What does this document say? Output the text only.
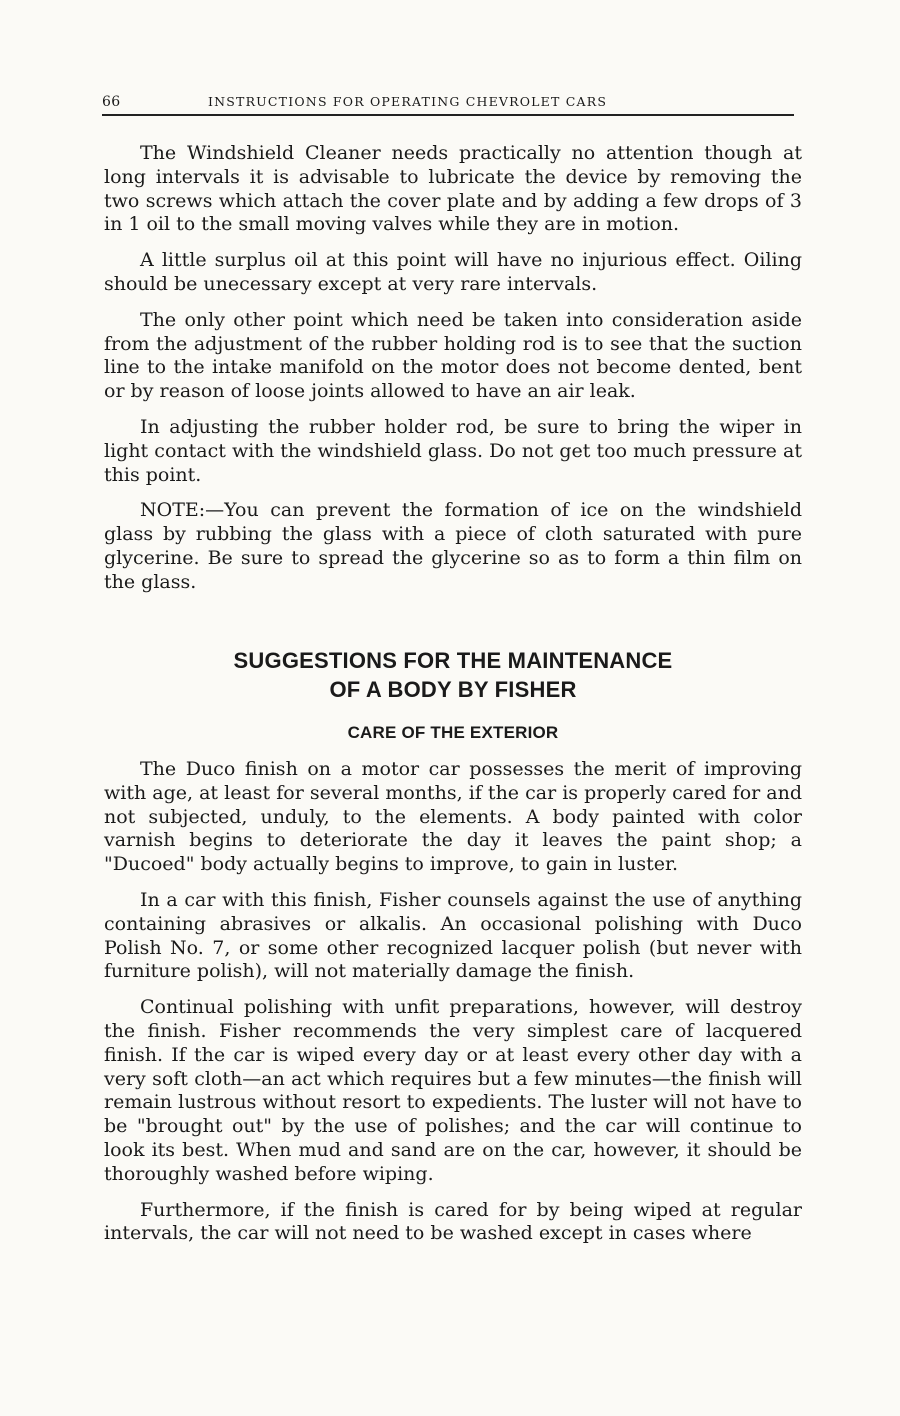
66	INSTRUCTIONS FOR OPERATING CHEVROLET CARS

The Windshield Cleaner needs practically no attention though at long intervals it is advisable to lubricate the device by removing the two screws which attach the cover plate and by adding a few drops of 3 in 1 oil to the small moving valves while they are in motion.

A little surplus oil at this point will have no injurious effect. Oiling should be unecessary except at very rare intervals.

The only other point which need be taken into consideration aside from the adjustment of the rubber holding rod is to see that the suction line to the intake manifold on the motor does not become dented, bent or by reason of loose joints allowed to have an air leak.

In adjusting the rubber holder rod, be sure to bring the wiper in light contact with the windshield glass. Do not get too much pressure at this point.

NOTE:—You can prevent the formation of ice on the windshield glass by rubbing the glass with a piece of cloth saturated with pure glycerine. Be sure to spread the glycerine so as to form a thin film on the glass.

SUGGESTIONS FOR THE MAINTENANCE
OF A BODY BY FISHER
CARE OF THE EXTERIOR

The Duco finish on a motor car possesses the merit of improving with age, at least for several months, if the car is properly cared for and not subjected, unduly, to the elements. A body painted with color varnish begins to deteriorate the day it leaves the paint shop; a "Ducoed" body actually begins to improve, to gain in luster.

In a car with this finish, Fisher counsels against the use of anything containing abrasives or alkalis. An occasional polishing with Duco Polish No. 7, or some other recognized lacquer polish (but never with furniture polish), will not materially damage the finish.

Continual polishing with unfit preparations, however, will destroy the finish. Fisher recommends the very simplest care of lacquered finish. If the car is wiped every day or at least every other day with a very soft cloth—an act which requires but a few minutes—the finish will remain lustrous without resort to expedients. The luster will not have to be "brought out" by the use of polishes; and the car will continue to look its best. When mud and sand are on the car, however, it should be thoroughly washed before wiping.

Furthermore, if the finish is cared for by being wiped at regular intervals, the car will not need to be washed except in cases where
